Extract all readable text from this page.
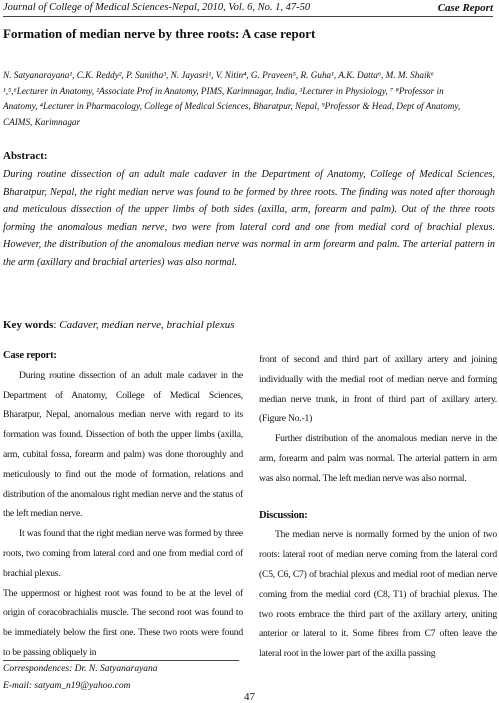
Journal of College of Medical Sciences-Nepal, 2010, Vol. 6, No. 1, 47-50	Case Report
Formation of median nerve by three roots: A case report
N. Satyanarayana¹, C.K. Reddy², P. Sunitha³, N. Jayasri¹, V. Nitin⁴, G. Praveen⁵, R. Guha¹, A.K. Datta⁶, M. M. Shaik⁶
¹,⁵,⁶Lecturer in Anatomy, ²Associate Prof in Anatomy, PIMS, Karimnagar, India, ³Lecturer in Physiology, ⁷ ⁸Professor in
Anatomy, ⁴Lecturer in Pharmacology, College of Medical Sciences, Bharatpur, Nepal, ⁹Professor & Head, Dept of Anatomy,
CAIMS, Karimnagar
Abstract:

During routine dissection of an adult male cadaver in the Department of Anatomy, College of Medical Sciences, Bharatpur, Nepal, the right median nerve was found to be formed by three roots. The finding was noted after thorough and meticulous dissection of the upper limbs of both sides (axilla, arm, forearm and palm). Out of the three roots forming the anomalous median nerve, two were from lateral cord and one from medial cord of brachial plexus. However, the distribution of the anomalous median nerve was normal in arm forearm and palm. The arterial pattern in the arm (axillary and brachial arteries) was also normal.

Key words: Cadaver, median nerve, brachial plexus

Case report:

During routine dissection of an adult male cadaver in the Department of Anatomy, College of Medical Sciences, Bharatpur, Nepal, anomalous median nerve with regard to its formation was found. Dissection of both the upper limbs (axilla, arm, cubital fossa, forearm and palm) was done thoroughly and meticulously to find out the mode of formation, relations and distribution of the anomalous right median nerve and the status of the left median nerve.

It was found that the right median nerve was formed by three roots, two coming from lateral cord and one from medial cord of brachial plexus.

The uppermost or highest root was found to be at the level of origin of coracobrachialis muscle. The second root was found to be immediately below the first one. These two roots were found to be passing obliquely in

front of second and third part of axillary artery and joining individually with the medial root of median nerve and forming median nerve trunk, in front of third part of axillary artery. (Figure No.-1)

Further distribution of the anomalous median nerve in the arm, forearm and palm was normal. The arterial pattern in arm was also normal. The left median nerve was also normal.

Discussion:

The median nerve is normally formed by the union of two roots: lateral root of median nerve coming from the lateral cord (C5, C6, C7) of brachial plexus and medial root of median nerve coming from the medial cord (C8, T1) of brachial plexus. The two roots embrace the third part of the axillary artery, uniting anterior or lateral to it. Some fibres from C7 often leave the lateral root in the lower part of the axilla passing

Correspondences: Dr. N. Satyanarayana
E-mail: satyam_n19@yahoo.com
47
